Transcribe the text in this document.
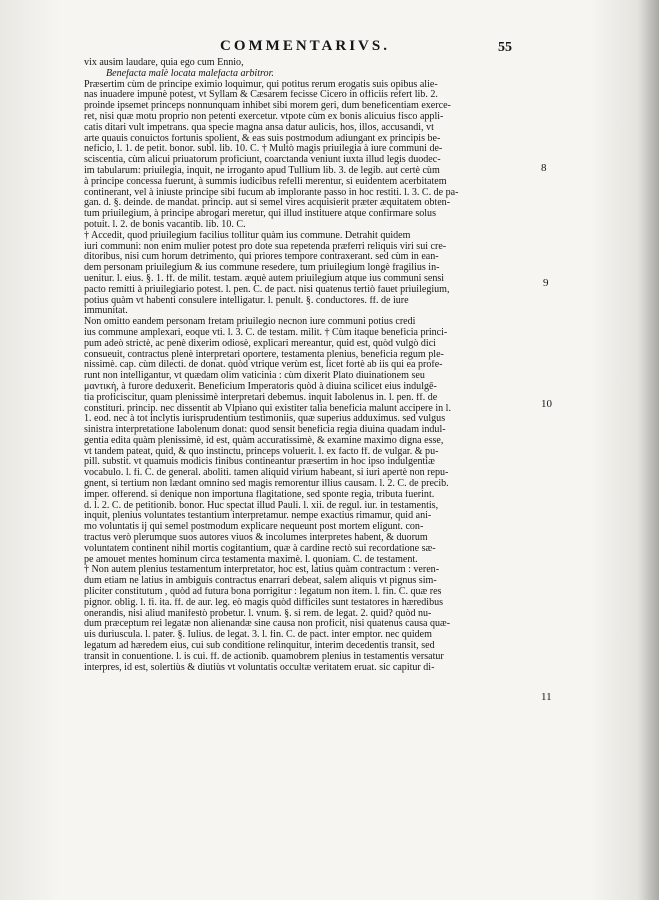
COMMENTARIVS.	55
vix ausim laudare, quia ego cum Ennio,
Benefacta malè locata malefacta arbitror.
Præsertim cùm de principe eximio loquimur, qui potitus rerum erogatis suis opibus alie-
nas inuadere impunè potest, vt Syllam & Cæsarem fecisse Cicero in officiis refert lib. 2.
proinde ipsemet princeps nonnunquam inhibet sibi morem geri, dum beneficentiam exerce-
ret, nisi quæ motu proprio non petenti exercetur. vtpote cùm ex bonis alicuius fisco appli-
catis ditari vult impetrans. qua specie magna ansa datur aulicis, hos, illos, accusandi, vt
arte quauis conuictos fortunis spolient, & eas suis postmodum adiungant ex principis be-
neficio, l. 1. de petit. bonor. subl. lib. 10. C. † Multò magis priuilegia à iure communi de-
sciscentia, cùm alicui priuatorum proficiunt, coarctanda veniunt iuxta illud legis duodec-
im tabularum: priuilegia, inquit, ne irroganto apud Tullium lib. 3. de legib. aut certè cùm
à principe concessa fuerunt, à summis iudicibus refelli merentur, si euidentem acerbitatem
continerant, vel à iniuste principe sibi fucum ab implorante passo in hoc restiti. l. 3. C. de pa-
gan. d. §. deinde. de mandat. princip. aut si semel vires acquisierit præter æquitatem obten-
tum priuilegium, à principe abrogari meretur, qui illud instituere atque confirmare solus
potuit. l. 2. de bonis vacantib. lib. 10. C.
† Accedit, quod priuilegium facilius tollitur quàm ius commune. Detrahit quidem
iuri communi: non enim mulier potest pro dote sua repetenda præferri reliquis viri sui cre-
ditoribus, nisi cum horum detrimento, qui priores tempore contraxerant. sed cùm in ean-
dem personam priuilegium & ius commune resedere, tum priuilegium longè fragilius in-
uenitur. l. eius. §. 1. ff. de milit. testam. æquè autem priuilegium atque ius communi sensi
pacto remitti à priuilegiario potest. l. pen. C. de pact. nisi quatenus tertiò fauet priuilegium,
potius quàm vt habenti consulere intelligatur. l. penult. §. conductores. ff. de iure
immunitat.
Non omitto eandem personam fretam priuilegio necnon iure communi potius credi
ius commune amplexari, eoque vti. l. 3. C. de testam. milit. † Cùm itaque beneficia princi-
pum adeò strictè, ac penè dixerim odiosè, explicari mereantur, quid est, quòd vulgò dici
consueuit, contractus plenè interpretari oportere, testamenta plenius, beneficia regum ple-
nissimè. cap. cùm dilecti. de donat. quòd vtrique verùm est, licet fortè ab iis qui ea profe-
runt non intelligantur, vt quædam olim vaticinia : cùm dixerit Plato diuinationem seu
μαντικὴ, à furore deduxerit. Beneficium Imperatoris quòd à diuina scilicet eius indulgē-
tia proficiscitur, quam plenissimè interpretari debemus. inquit Iabolenus in. l. pen. ff. de
constituri. princip. nec dissentit ab Vlpiano qui existiter talia beneficia malunt accipere in l.
1. eod. nec à tot inclytis iurisprudentium testimoniis, quæ superius adduximus. sed vulgus
sinistra interpretatione Iabolenum donat: quod sensit beneficia regia diuina quadam indul-
gentia edita quàm plenissimè, id est, quàm accuratissimè, & examine maximo digna esse,
vt tandem pateat, quid, & quo instinctu, princeps voluerit. l. ex facto ff. de vulgar. & pu-
pill. substit. vt quamuis modicis finibus contineantur præsertim in hoc ipso indulgentiæ
vocabulo. l. fi. C. de general. aboliti. tamen aliquid virium habeant, si iuri apertè non repu-
gnent, si tertium non lædant omnino sed magis remorentur illius causam. l. 2. C. de precib.
imper. offerend. si denique non importuna flagitatione, sed sponte regia, tributa fuerint.
d. l. 2. C. de petitionib. bonor. Huc spectat illud Pauli. l. xii. de regul. iur. in testamentis,
inquit, plenius voluntates testantium interpretamur. nempe exactius rimamur, quid ani-
mo voluntatis ij qui semel postmodum explicare nequeunt post mortem eligunt. con-
tractus verò plerumque suos autores viuos & incolumes interpretes habent, & duorum
voluntatem continent nihil mortis cogitantium, quæ à cardine rectò sui recordatione sæ-
pe amouet mentes hominum circa testamenta maximè. l. quoniam. C. de testament.
† Non autem plenius testamentum interpretator, hoc est, latius quàm contractum : veren-
dum etiam ne latius in ambiguis contractus enarrari debeat, salem aliquis vt pignus sim-
pliciter constitutum , quòd ad futura bona porrigitur : legatum non item. l. fin. C. quæ res
pignor. oblig. l. fi. ita. ff. de aur. leg. eò magis quòd difficiles sunt testatores in hæredibus
onerandis, nisi aliud manifestò probetur. l. vnum. §. si rem. de legat. 2. quid? quòd nu-
dum præceptum rei legatæ non alienandæ sine causa non proficit, nisi quatenus causa quæ-
uis duriuscula. l. pater. §. Iulius. de legat. 3. l. fin. C. de pact. inter emptor. nec quidem
legatum ad hæredem eius, cui sub conditione relinquitur, interim decedentis transit, sed
transit in conuentione. l. is cui. ff. de actionib. quamobrem plenius in testamentis versatur
interpres, id est, solertiùs & diutiùs vt voluntatis occultæ veritatem eruat. sic capitur di-
8
9
10
11
